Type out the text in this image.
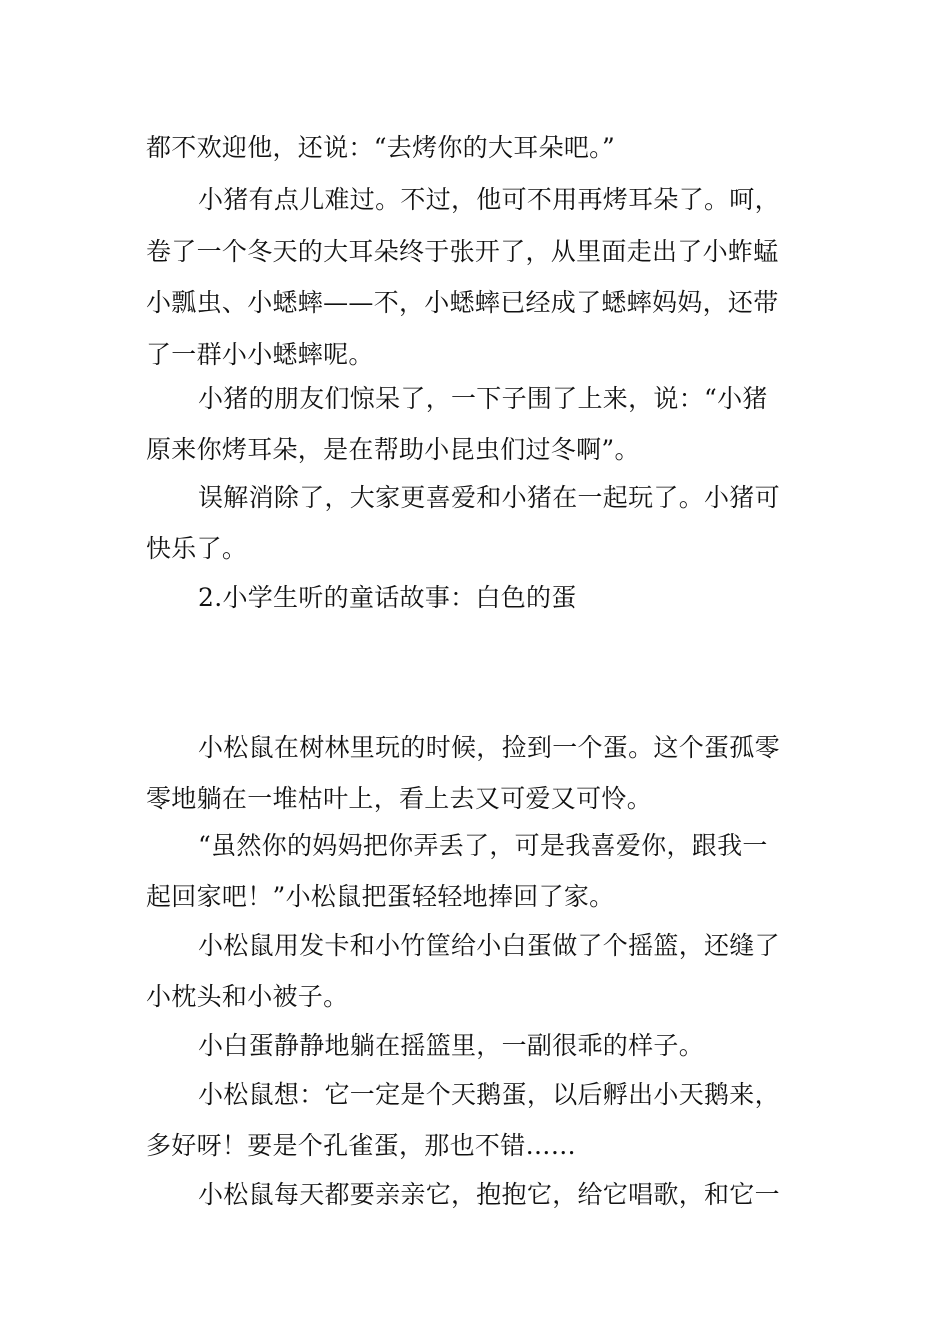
都不欢迎他，还说：“去烤你的大耳朵吧。”
小猪有点儿难过。不过，他可不用再烤耳朵了。呵，
卷了一个冬天的大耳朵终于张开了，从里面走出了小蚱蜢
小瓢虫、小蟋蟀——不，小蟋蟀已经成了蟋蟀妈妈，还带
了一群小小蟋蟀呢。
小猪的朋友们惊呆了，一下子围了上来，说：“小猪
原来你烤耳朵，是在帮助小昆虫们过冬啊”。
误解消除了，大家更喜爱和小猪在一起玩了。小猪可
快乐了。
2.小学生听的童话故事：白色的蛋
小松鼠在树林里玩的时候，捡到一个蛋。这个蛋孤零
零地躺在一堆枯叶上，看上去又可爱又可怜。
“虽然你的妈妈把你弄丢了，可是我喜爱你，跟我一
起回家吧！”小松鼠把蛋轻轻地捧回了家。
小松鼠用发卡和小竹筐给小白蛋做了个摇篮，还缝了
小枕头和小被子。
小白蛋静静地躺在摇篮里，一副很乖的样子。
小松鼠想：它一定是个天鹅蛋，以后孵出小天鹅来，
多好呀！要是个孔雀蛋，那也不错……
小松鼠每天都要亲亲它，抱抱它，给它唱歌，和它一
